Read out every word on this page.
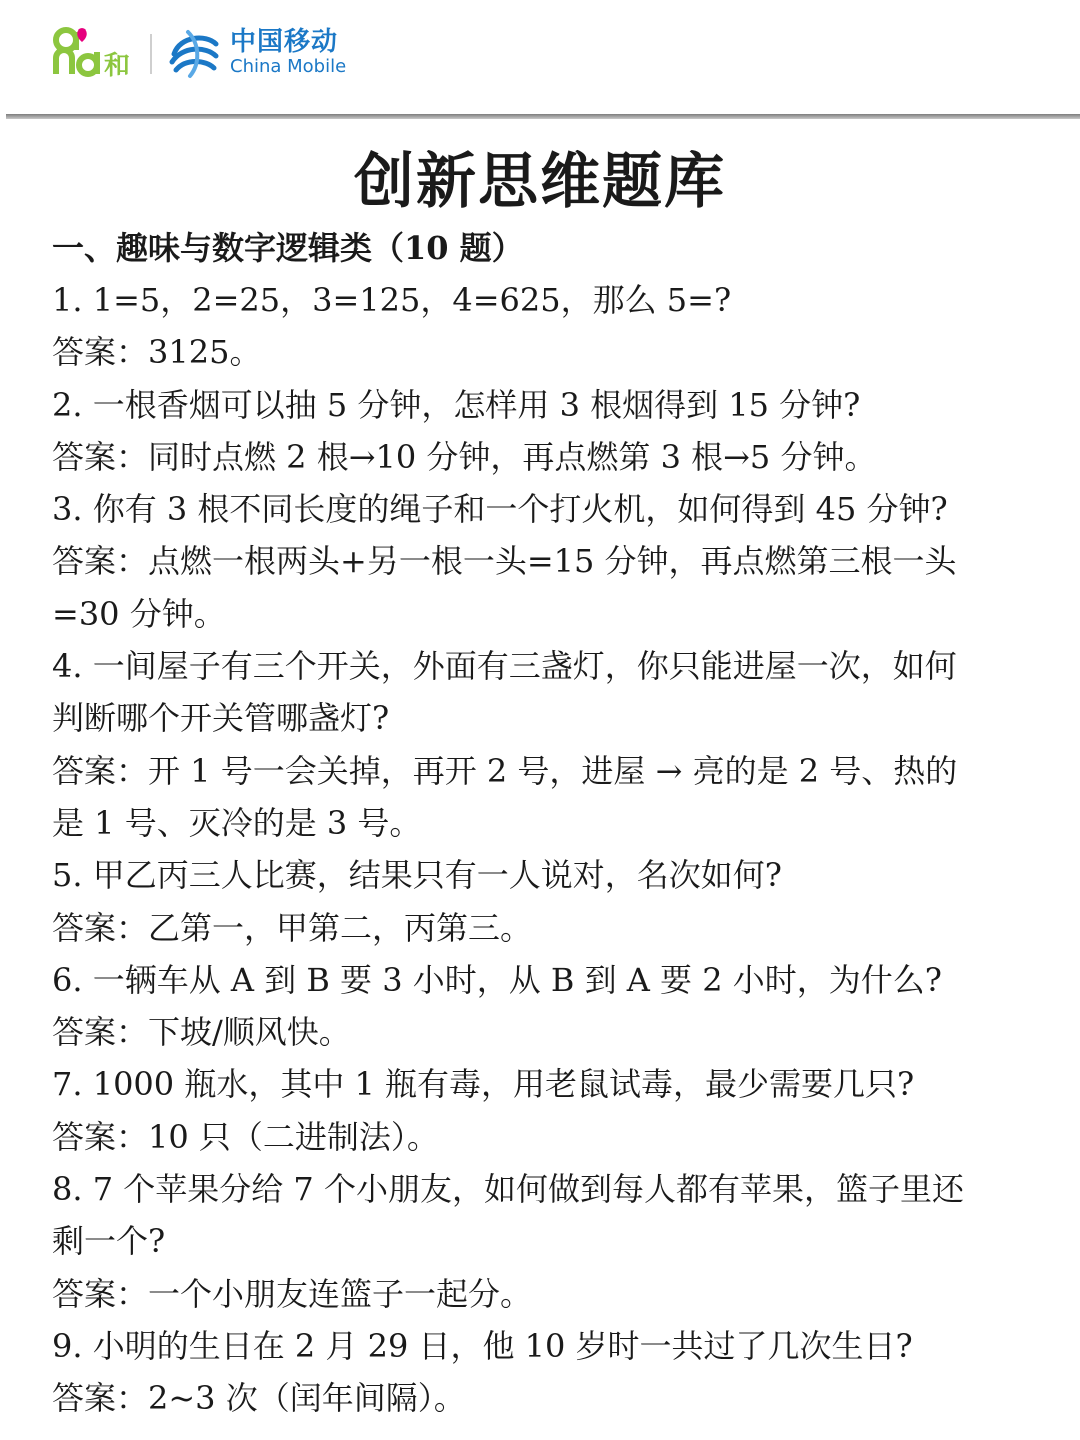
和
中国移动
China Mobile
创新思维题库
一、趣味与数字逻辑类（10 题）
1. 1=5，2=25，3=125，4=625，那么 5=?
答案：3125。
2. 一根香烟可以抽 5 分钟，怎样用 3 根烟得到 15 分钟?
答案：同时点燃 2 根→10 分钟，再点燃第 3 根→5 分钟。
3. 你有 3 根不同长度的绳子和一个打火机，如何得到 45 分钟?
答案：点燃一根两头+另一根一头=15 分钟，再点燃第三根一头
=30 分钟。
4. 一间屋子有三个开关，外面有三盏灯，你只能进屋一次，如何
判断哪个开关管哪盏灯?
答案：开 1 号一会关掉，再开 2 号，进屋 → 亮的是 2 号、热的
是 1 号、灭冷的是 3 号。
5. 甲乙丙三人比赛，结果只有一人说对，名次如何?
答案：乙第一，甲第二，丙第三。
6. 一辆车从 A 到 B 要 3 小时，从 B 到 A 要 2 小时，为什么?
答案：下坡/顺风快。
7. 1000 瓶水，其中 1 瓶有毒，用老鼠试毒，最少需要几只?
答案：10 只（二进制法）。
8. 7 个苹果分给 7 个小朋友，如何做到每人都有苹果，篮子里还
剩一个?
答案：一个小朋友连篮子一起分。
9. 小明的生日在 2 月 29 日，他 10 岁时一共过了几次生日?
答案：2~3 次（闰年间隔）。
